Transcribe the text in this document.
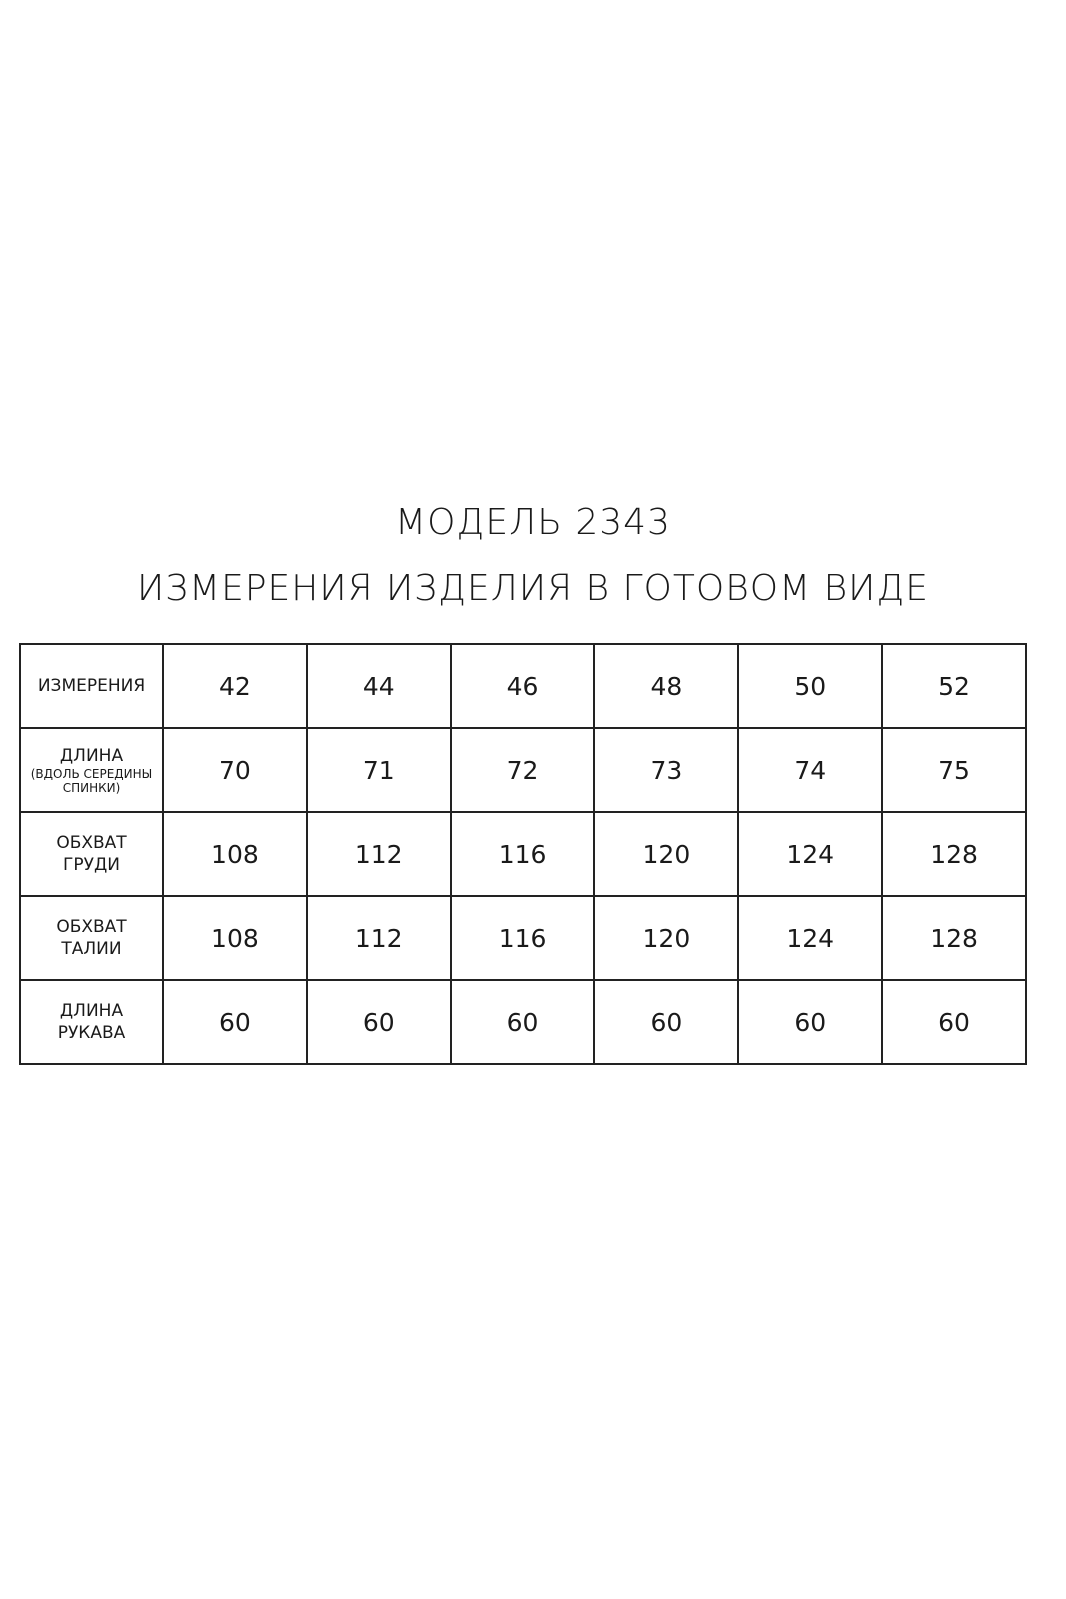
МОДЕЛЬ 2343
ИЗМЕРЕНИЯ ИЗДЕЛИЯ В ГОТОВОМ ВИДЕ
ИЗМЕРЕНИЯ	42	44	46	48	50	52
ДЛИНА
(ВДОЛЬ СЕРЕДИНЫ СПИНКИ)	70	71	72	73	74	75
ОБХВАТ
ГРУДИ	108	112	116	120	124	128
ОБХВАТ
ТАЛИИ	108	112	116	120	124	128
ДЛИНА
РУКАВА	60	60	60	60	60	60
